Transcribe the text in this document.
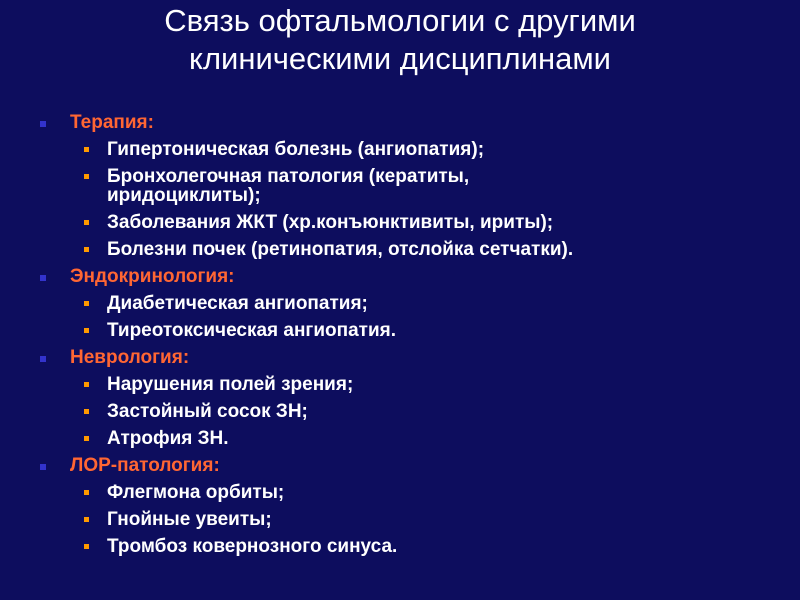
Связь офтальмологии с другими
клиническими дисциплинами
Терапия:
Гипертоническая болезнь (ангиопатия);
Бронхолегочная патология (кератиты, иридоциклиты);
Заболевания ЖКТ (хр.конъюнктивиты, ириты);
Болезни почек (ретинопатия, отслойка сетчатки).
Эндокринология:
Диабетическая ангиопатия;
Тиреотоксическая ангиопатия.
Неврология:
Нарушения полей зрения;
Застойный сосок ЗН;
Атрофия ЗН.
ЛОР-патология:
Флегмона орбиты;
Гнойные увеиты;
Тромбоз ковернозного синуса.
